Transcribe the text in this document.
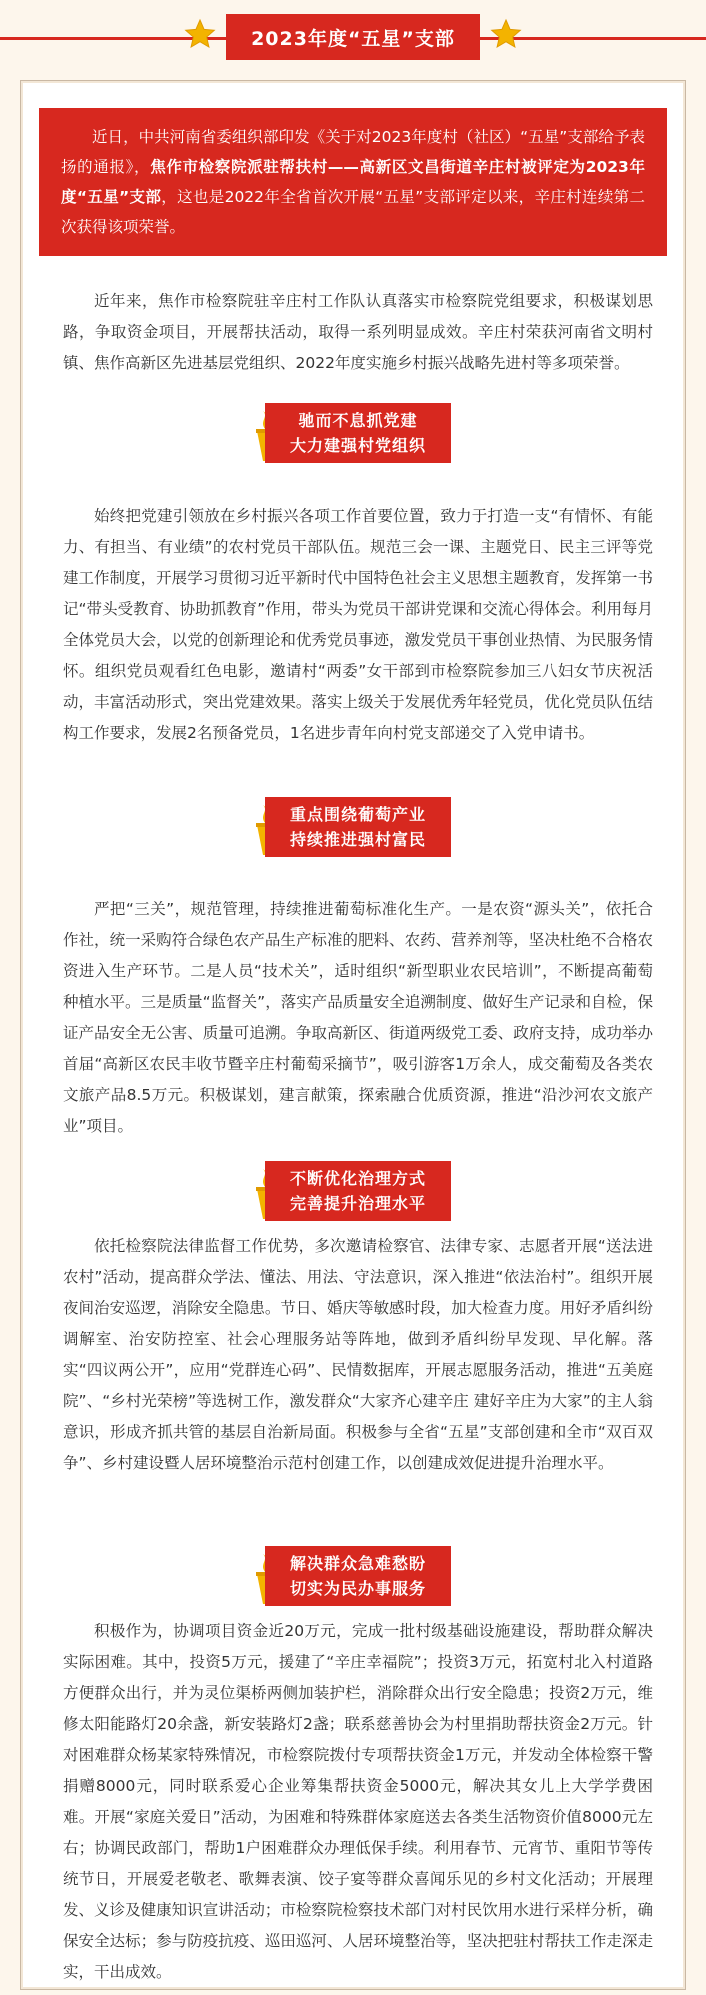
2023年度“五星”支部

近日，中共河南省委组织部印发《关于对2023年度村（社区）“五星”支部给予表扬的通报》，焦作市检察院派驻帮扶村——高新区文昌街道辛庄村被评定为2023年度“五星”支部，这也是2022年全省首次开展“五星”支部评定以来，辛庄村连续第二次获得该项荣誉。

近年来，焦作市检察院驻辛庄村工作队认真落实市检察院党组要求，积极谋划思路，争取资金项目，开展帮扶活动，取得一系列明显成效。辛庄村荣获河南省文明村镇、焦作高新区先进基层党组织、2022年度实施乡村振兴战略先进村等多项荣誉。
驰而不息抓党建
大力建强村党组织
始终把党建引领放在乡村振兴各项工作首要位置，致力于打造一支“有情怀、有能力、有担当、有业绩”的农村党员干部队伍。规范三会一课、主题党日、民主三评等党建工作制度，开展学习贯彻习近平新时代中国特色社会主义思想主题教育，发挥第一书记“带头受教育、协助抓教育”作用，带头为党员干部讲党课和交流心得体会。利用每月全体党员大会，以党的创新理论和优秀党员事迹，激发党员干事创业热情、为民服务情怀。组织党员观看红色电影，邀请村“两委”女干部到市检察院参加三八妇女节庆祝活动，丰富活动形式，突出党建效果。落实上级关于发展优秀年轻党员，优化党员队伍结构工作要求，发展2名预备党员，1名进步青年向村党支部递交了入党申请书。
重点围绕葡萄产业
持续推进强村富民
严把“三关”，规范管理，持续推进葡萄标准化生产。一是农资“源头关”，依托合作社，统一采购符合绿色农产品生产标准的肥料、农药、营养剂等，坚决杜绝不合格农资进入生产环节。二是人员“技术关”，适时组织“新型职业农民培训”，不断提高葡萄种植水平。三是质量“监督关”，落实产品质量安全追溯制度、做好生产记录和自检，保证产品安全无公害、质量可追溯。争取高新区、街道两级党工委、政府支持，成功举办首届“高新区农民丰收节暨辛庄村葡萄采摘节”，吸引游客1万余人，成交葡萄及各类农文旅产品8.5万元。积极谋划，建言献策，探索融合优质资源，推进“沿沙河农文旅产业”项目。
不断优化治理方式
完善提升治理水平
依托检察院法律监督工作优势，多次邀请检察官、法律专家、志愿者开展“送法进农村”活动，提高群众学法、懂法、用法、守法意识，深入推进“依法治村”。组织开展夜间治安巡逻，消除安全隐患。节日、婚庆等敏感时段，加大检查力度。用好矛盾纠纷调解室、治安防控室、社会心理服务站等阵地，做到矛盾纠纷早发现、早化解。落实“四议两公开”，应用“党群连心码”、民情数据库，开展志愿服务活动，推进“五美庭院”、“乡村光荣榜”等选树工作，激发群众“大家齐心建辛庄 建好辛庄为大家”的主人翁意识，形成齐抓共管的基层自治新局面。积极参与全省“五星”支部创建和全市“双百双争”、乡村建设暨人居环境整治示范村创建工作，以创建成效促进提升治理水平。
解决群众急难愁盼
切实为民办事服务
积极作为，协调项目资金近20万元，完成一批村级基础设施建设，帮助群众解决实际困难。其中，投资5万元，援建了“辛庄幸福院”；投资3万元，拓宽村北入村道路方便群众出行，并为灵位渠桥两侧加装护栏，消除群众出行安全隐患；投资2万元，维修太阳能路灯20余盏，新安装路灯2盏；联系慈善协会为村里捐助帮扶资金2万元。针对困难群众杨某家特殊情况，市检察院拨付专项帮扶资金1万元，并发动全体检察干警捐赠8000元，同时联系爱心企业筹集帮扶资金5000元，解决其女儿上大学学费困难。开展“家庭关爱日”活动，为困难和特殊群体家庭送去各类生活物资价值8000元左右；协调民政部门，帮助1户困难群众办理低保手续。利用春节、元宵节、重阳节等传统节日，开展爱老敬老、歌舞表演、饺子宴等群众喜闻乐见的乡村文化活动；开展理发、义诊及健康知识宣讲活动；市检察院检察技术部门对村民饮用水进行采样分析，确保安全达标；参与防疫抗疫、巡田巡河、人居环境整治等，坚决把驻村帮扶工作走深走实，干出成效。
